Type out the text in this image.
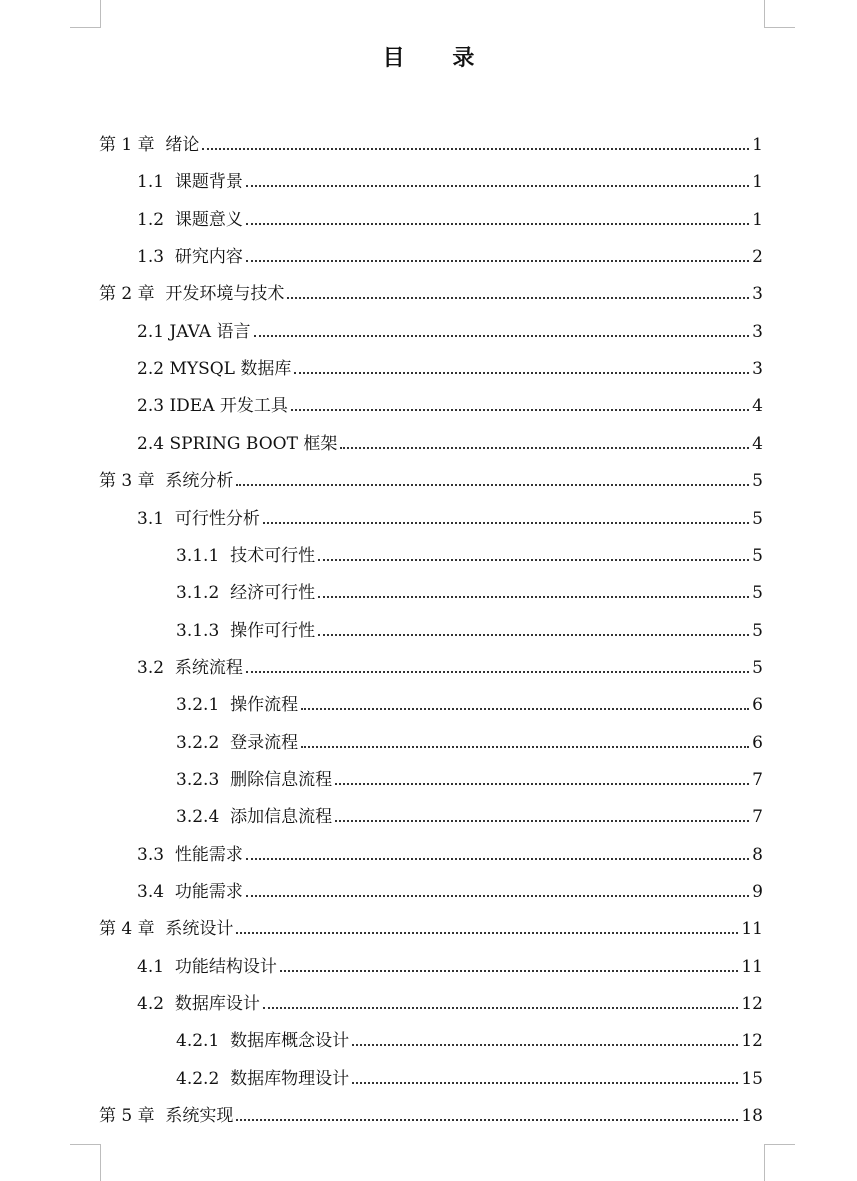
目 录
第 1 章  绪论	1
1.1  课题背景	1
1.2  课题意义	1
1.3  研究内容	2
第 2 章  开发环境与技术	3
2.1 JAVA 语言	3
2.2 MYSQL 数据库	3
2.3 IDEA 开发工具	4
2.4 SPRING BOOT 框架	4
第 3 章  系统分析	5
3.1  可行性分析	5
3.1.1  技术可行性	5
3.1.2  经济可行性	5
3.1.3  操作可行性	5
3.2  系统流程	5
3.2.1  操作流程	6
3.2.2  登录流程	6
3.2.3  删除信息流程	7
3.2.4  添加信息流程	7
3.3  性能需求	8
3.4  功能需求	9
第 4 章  系统设计	11
4.1  功能结构设计	11
4.2  数据库设计	12
4.2.1  数据库概念设计	12
4.2.2  数据库物理设计	15
第 5 章  系统实现	18
